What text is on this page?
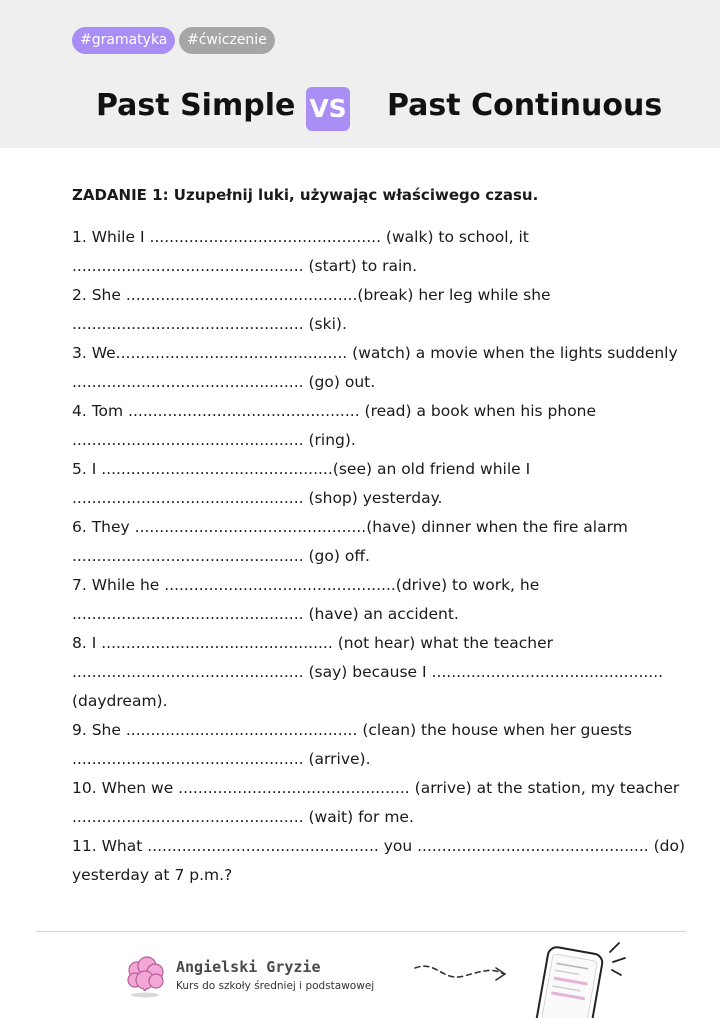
#gramatyka	#ćwiczenie
Past Simple VS Past Continuous
ZADANIE 1: Uzupełnij luki, używając właściwego czasu.
1. While I ............................................... (walk) to school, it
............................................... (start) to rain.
2. She ...............................................(break) her leg while she
............................................... (ski).
3. We............................................... (watch) a movie when the lights suddenly
............................................... (go) out.
4. Tom ............................................... (read) a book when his phone
............................................... (ring).
5. I ...............................................(see) an old friend while I
............................................... (shop) yesterday.
6. They ...............................................(have) dinner when the fire alarm
............................................... (go) off.
7. While he ...............................................(drive) to work, he
............................................... (have) an accident.
8. I ............................................... (not hear) what the teacher
............................................... (say) because I ...............................................
(daydream).
9. She ............................................... (clean) the house when her guests
............................................... (arrive).
10. When we ............................................... (arrive) at the station, my teacher
............................................... (wait) for me.
11. What ............................................... you ............................................... (do)
yesterday at 7 p.m.?
Angielski Gryzie
Kurs do szkoły średniej i podstawowej
